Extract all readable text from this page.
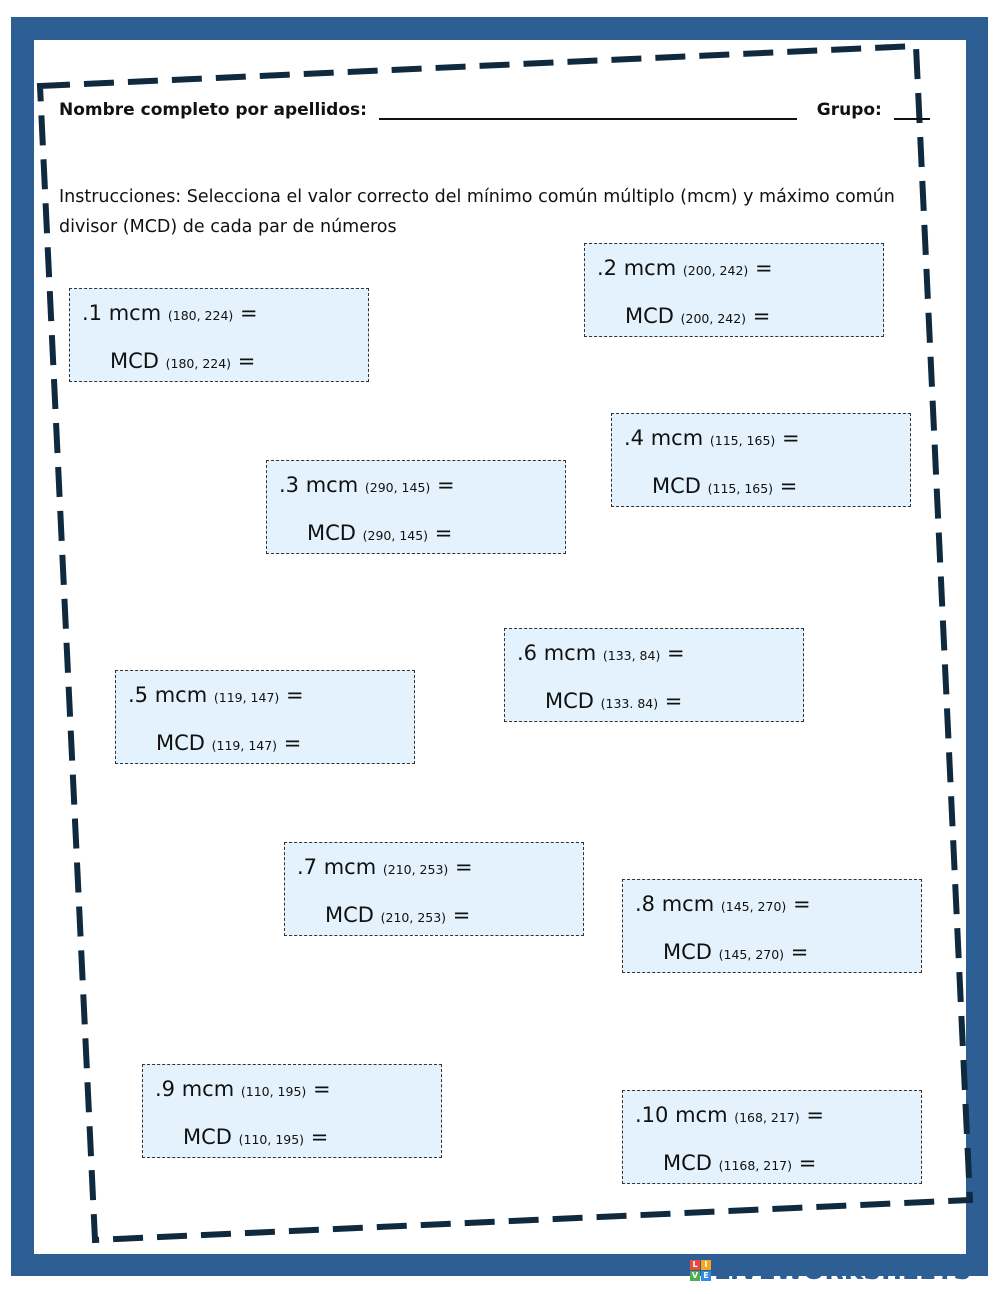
Nombre completo por apellidos:	Grupo:
Instrucciones: Selecciona el valor correcto del mínimo común múltiplo (mcm) y máximo común divisor (MCD) de cada par de números
.1 mcm (180, 224) =
MCD (180, 224) =
.2 mcm (200, 242) =
MCD (200, 242) =
.3 mcm (290, 145) =
MCD (290, 145) =
.4 mcm (115, 165) =
MCD (115, 165) =
.5 mcm (119, 147) =
MCD (119, 147) =
.6 mcm (133, 84) =
MCD (133. 84) =
.7 mcm (210, 253) =
MCD (210, 253) =	.8 mcm (145, 270) =
MCD (145, 270) =
.9 mcm (110, 195) =
MCD (110, 195) =
.10 mcm (168, 217) =
MCD (1168, 217) =
L I
V E LIVEWORKSHEETS
